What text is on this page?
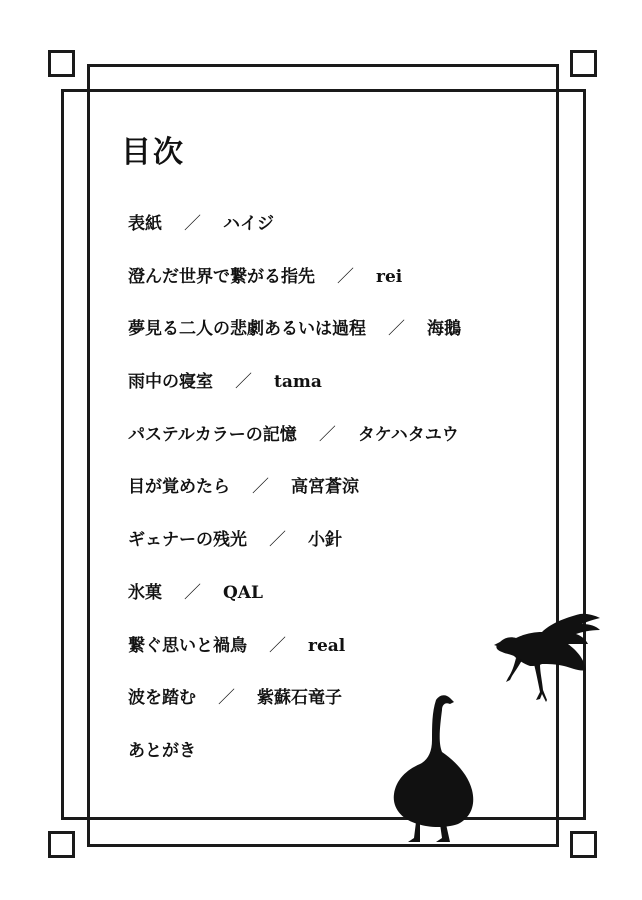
目次
表紙 ／ ハイジ
澄んだ世界で繋がる指先 ／ rei
夢見る二人の悲劇あるいは過程 ／ 海鵝
雨中の寝室 ／ tama
パステルカラーの記憶 ／ タケハタユウ
目が覚めたら ／ 高宮蒼涼
ギェナーの残光 ／ 小針
氷菓 ／ QAL
繋ぐ思いと禍鳥 ／ real
波を踏む ／ 紫蘇石竜子
あとがき
